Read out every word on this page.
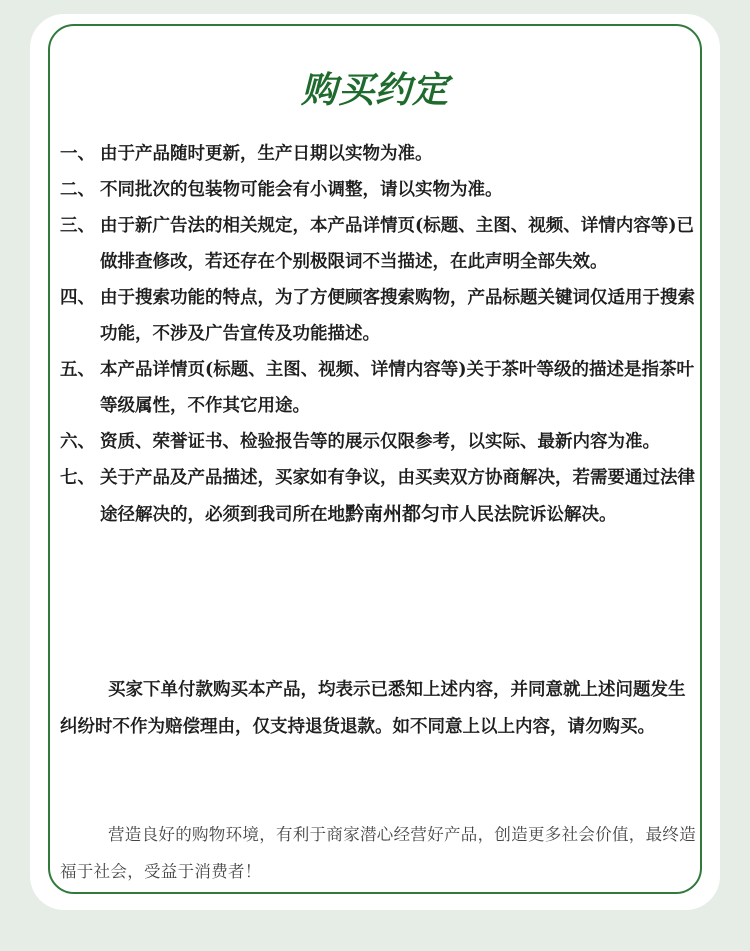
购买约定
一、 由于产品随时更新，生产日期以实物为准。
二、 不同批次的包装物可能会有小调整，请以实物为准。
三、 由于新广告法的相关规定，本产品详情页(标题、主图、视频、详情内容等)已做排查修改，若还存在个别极限词不当描述，在此声明全部失效。
四、 由于搜索功能的特点，为了方便顾客搜索购物，产品标题关键词仅适用于搜索功能，不涉及广告宣传及功能描述。
五、 本产品详情页(标题、主图、视频、详情内容等)关于茶叶等级的描述是指茶叶等级属性，不作其它用途。
六、 资质、荣誉证书、检验报告等的展示仅限参考，以实际、最新内容为准。
七、 关于产品及产品描述，买家如有争议，由买卖双方协商解决，若需要通过法律途径解决的，必须到我司所在地黔南州都匀市人民法院诉讼解决。

买家下单付款购买本产品，均表示已悉知上述内容，并同意就上述问题发生纠纷时不作为赔偿理由，仅支持退货退款。如不同意上以上内容，请勿购买。

营造良好的购物环境，有利于商家潜心经营好产品，创造更多社会价值，最终造福于社会，受益于消费者！
